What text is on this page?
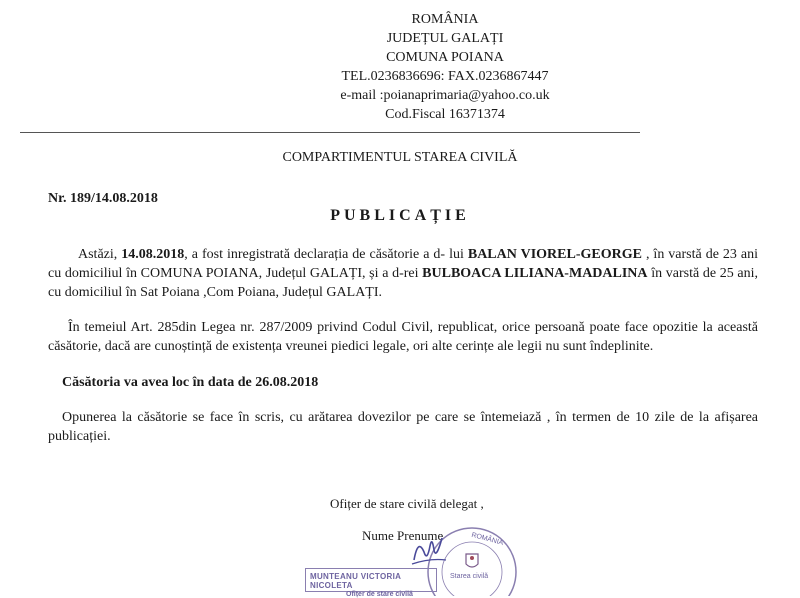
ROMÂNIA
JUDEȚUL GALAȚI
COMUNA POIANA
TEL.0236836696: FAX.0236867447
e-mail :poianaprimaria@yahoo.co.uk
Cod.Fiscal 16371374
COMPARTIMENTUL STAREA CIVILĂ
Nr. 189/14.08.2018
PUBLICAȚIE
Astăzi, 14.08.2018, a fost inregistrată declarația de căsătorie a d- lui BALAN VIOREL-GEORGE , în varstă de 23 ani cu domiciliul în COMUNA POIANA, Județul GALAȚI, și a d-rei BULBOACA LILIANA-MADALINA în varstă de 25 ani, cu domiciliul în Sat Poiana ,Com Poiana, Județul GALAȚI.
În temeiul Art. 285din Legea nr. 287/2009 privind Codul Civil, republicat, orice persoană poate face opozitie la această căsătorie, dacă are cunoștință de existența vreunei piedici legale, ori alte cerințe ale legii nu sunt îndeplinite.
Căsătoria va avea loc în data de 26.08.2018
Opunerea la căsătorie se face în scris, cu arătarea dovezilor pe care se întemeiază , în termen de 10 zile de la afișarea publicației.
Ofițer de stare civilă delegat ,
Nume Prenume	ROMÂNIA
Starea civilă
MUNTEANU VICTORIA NICOLETA
Ofițer de stare civilă
